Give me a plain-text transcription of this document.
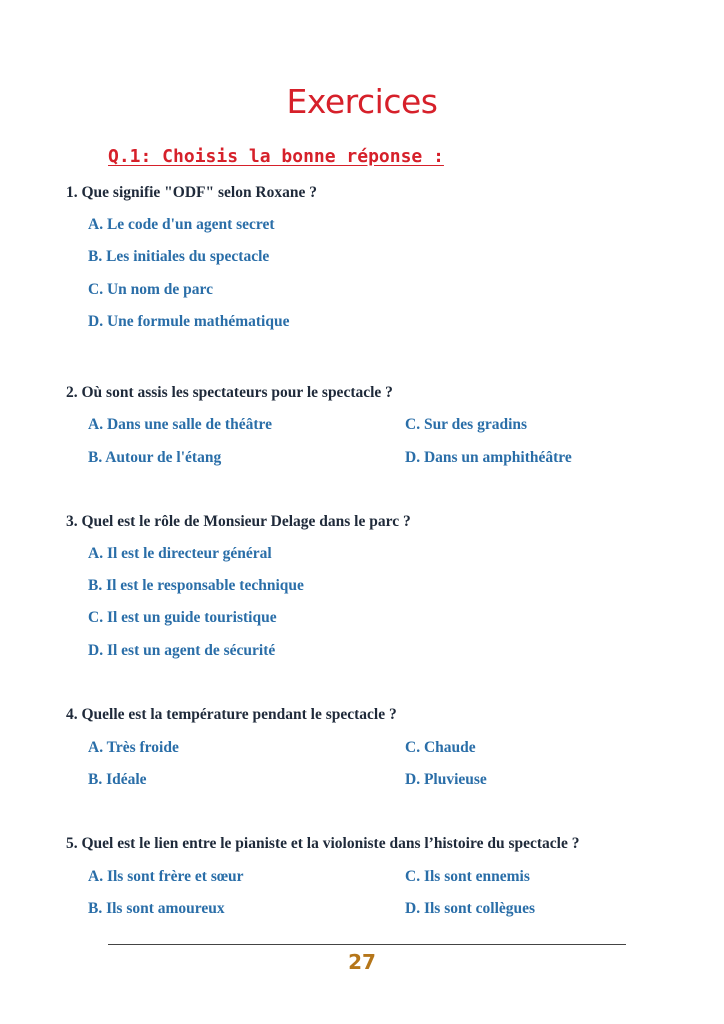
Exercices
Q.1: Choisis la bonne réponse :
1. Que signifie "ODF" selon Roxane ?
A. Le code d'un agent secret
B. Les initiales du spectacle
C. Un nom de parc
D. Une formule mathématique
2. Où sont assis les spectateurs pour le spectacle ?
A. Dans une salle de théâtre	C. Sur des gradins
B. Autour de l'étang	D. Dans un amphithéâtre
3. Quel est le rôle de Monsieur Delage dans le parc ?
A. Il est le directeur général
B. Il est le responsable technique
C. Il est un guide touristique
D. Il est un agent de sécurité
4. Quelle est la température pendant le spectacle ?
A. Très froide	C. Chaude
B. Idéale	D. Pluvieuse
5. Quel est le lien entre le pianiste et la violoniste dans l’histoire du spectacle ?
A. Ils sont frère et sœur	C. Ils sont ennemis
B. Ils sont amoureux	D. Ils sont collègues
27
